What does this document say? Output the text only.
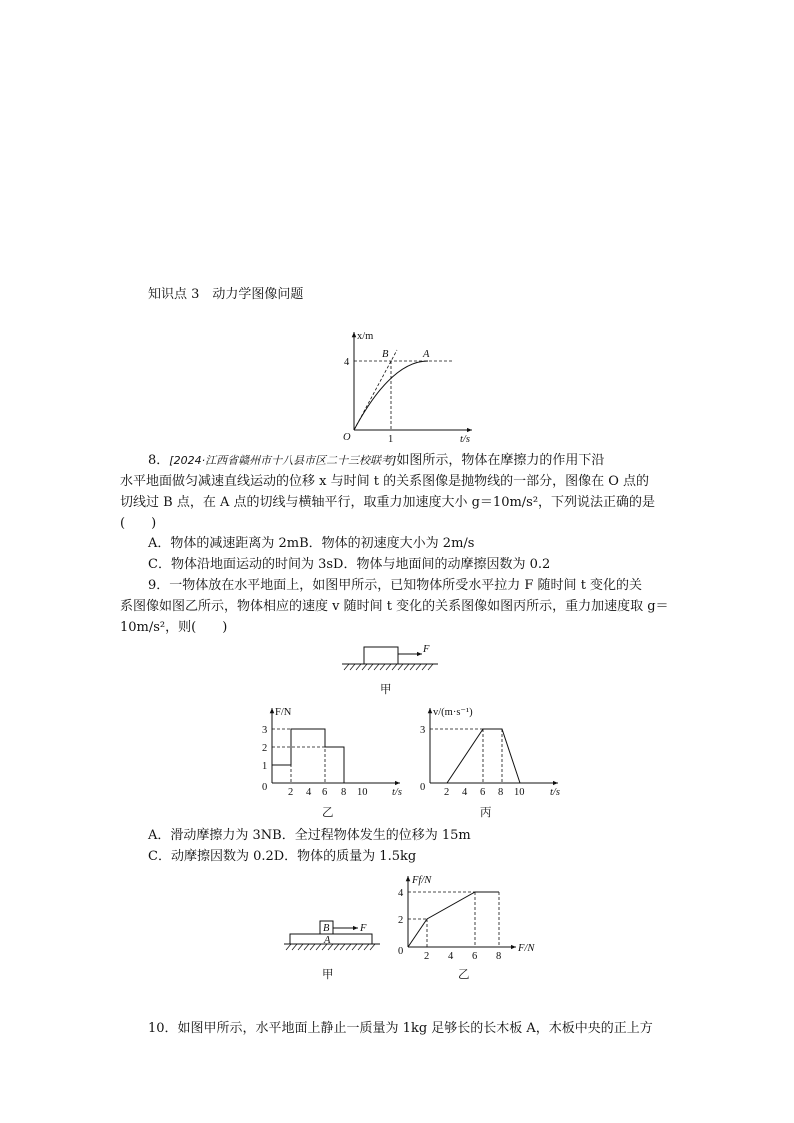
知识点 3　动力学图像问题
x/m
t/s
O
4
1
B	A
8．[2024·江西省赣州市十八县市区二十三校联考]如图所示，物体在摩擦力的作用下沿
水平地面做匀减速直线运动的位移 x 与时间 t 的关系图像是抛物线的一部分，图像在 O 点的
切线过 B 点，在 A 点的切线与横轴平行，取重力加速度大小 g＝10m/s²，下列说法正确的是
(　　)
A．物体的减速距离为 2mB．物体的初速度大小为 2m/s
C．物体沿地面运动的时间为 3sD．物体与地面间的动摩擦因数为 0.2
9．一物体放在水平地面上，如图甲所示，已知物体所受水平拉力 F 随时间 t 变化的关
系图像如图乙所示，物体相应的速度 v 随时间 t 变化的关系图像如图丙所示，重力加速度取 g＝
10m/s²，则(　　)
F
甲
F/N
t/s
0
1
2
3
2 4 6 8 10
乙
v/(m·s⁻¹)
t/s
0
3
2 4 6 8 10
丙
A．滑动摩擦力为 3NB．全过程物体发生的位移为 15m
C．动摩擦因数为 0.2D．物体的质量为 1.5kg
B	F
A
甲
Ff/N
F/N
0
2
4
2 4 6 8
乙
10．如图甲所示，水平地面上静止一质量为 1kg 足够长的长木板 A，木板中央的正上方
